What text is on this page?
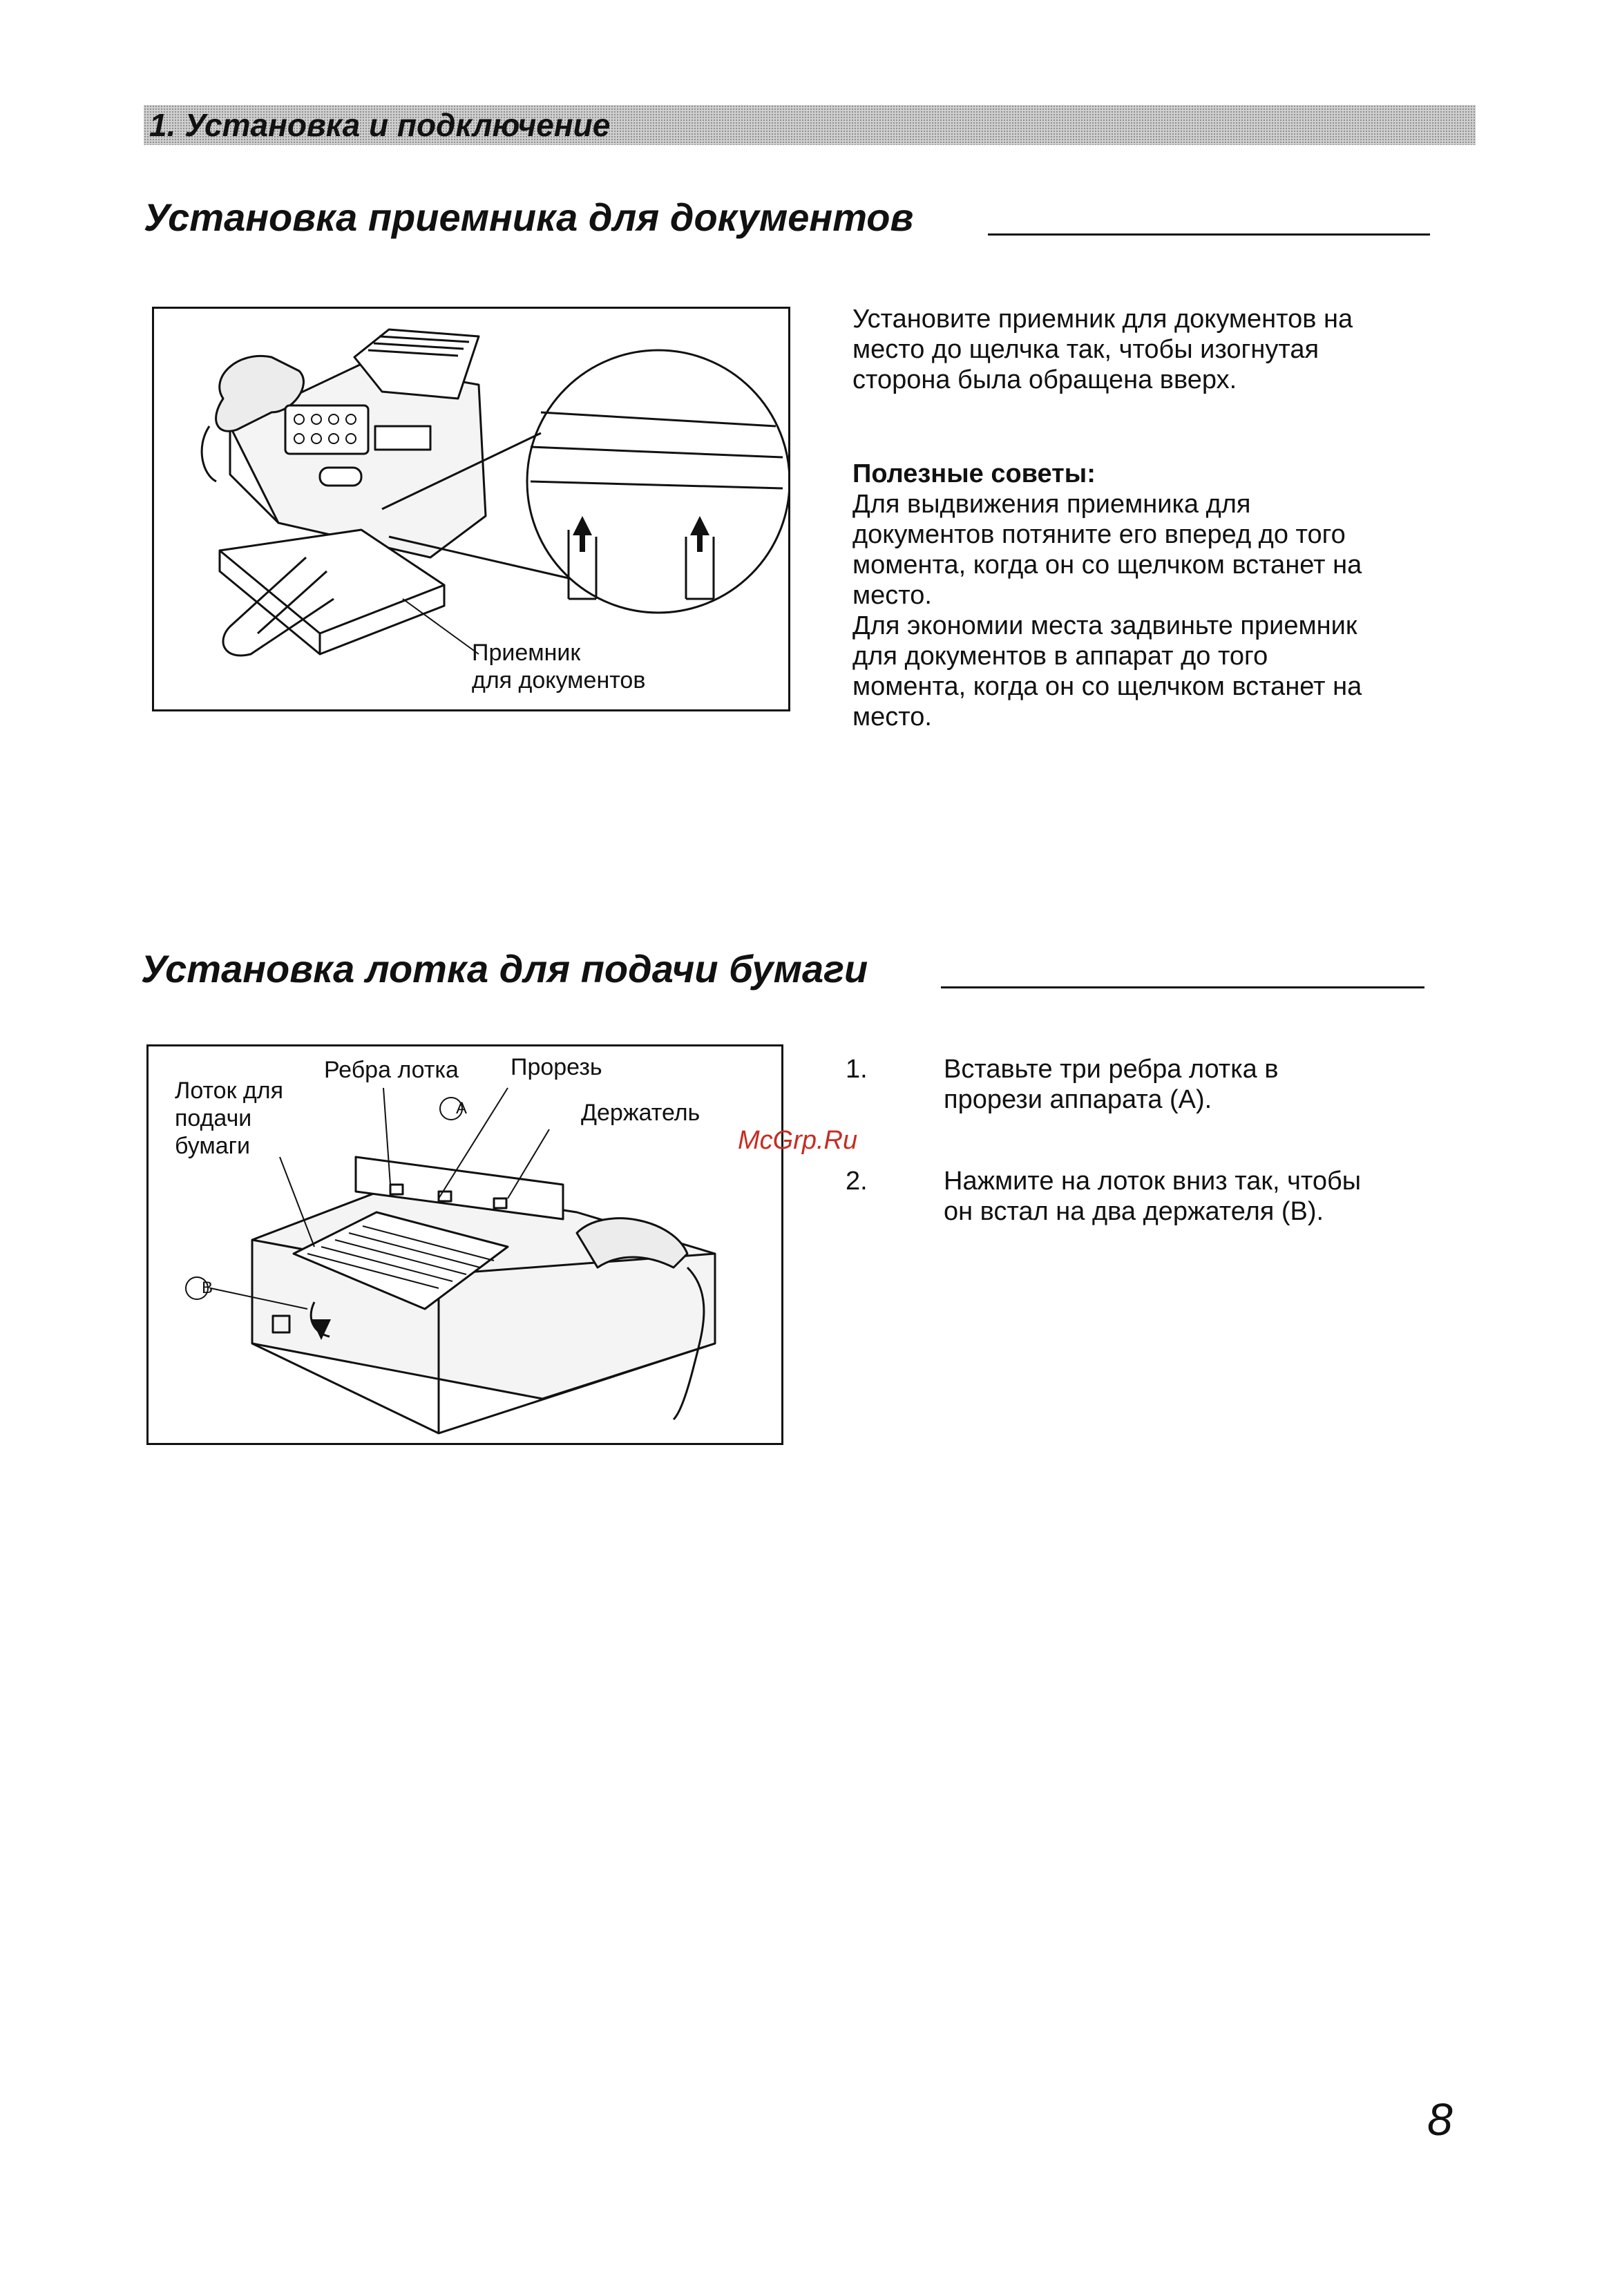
1. Установка и подключение
Установка приемника для документов
Приемник
для документов

Установите приемник для документов на

место до щелчка так, чтобы изогнутая

сторона была обращена вверх.

Полезные советы:

Для выдвижения приемника для

документов потяните его вперед до того

момента, когда он со щелчком встанет на

место.

Для экономии места задвиньте приемник

для документов в аппарат до того

момента, когда он со щелчком встанет на

место.

Установка лотка для подачи бумаги
A
B
Лоток для
подачи
бумаги
Ребра лотка Прорезь
Держатель
1.	Вставьте три ребра лотка в
прорези аппарата (A).
2.	Нажмите на лоток вниз так, чтобы
он встал на два держателя (B).
McGrp.Ru
8
